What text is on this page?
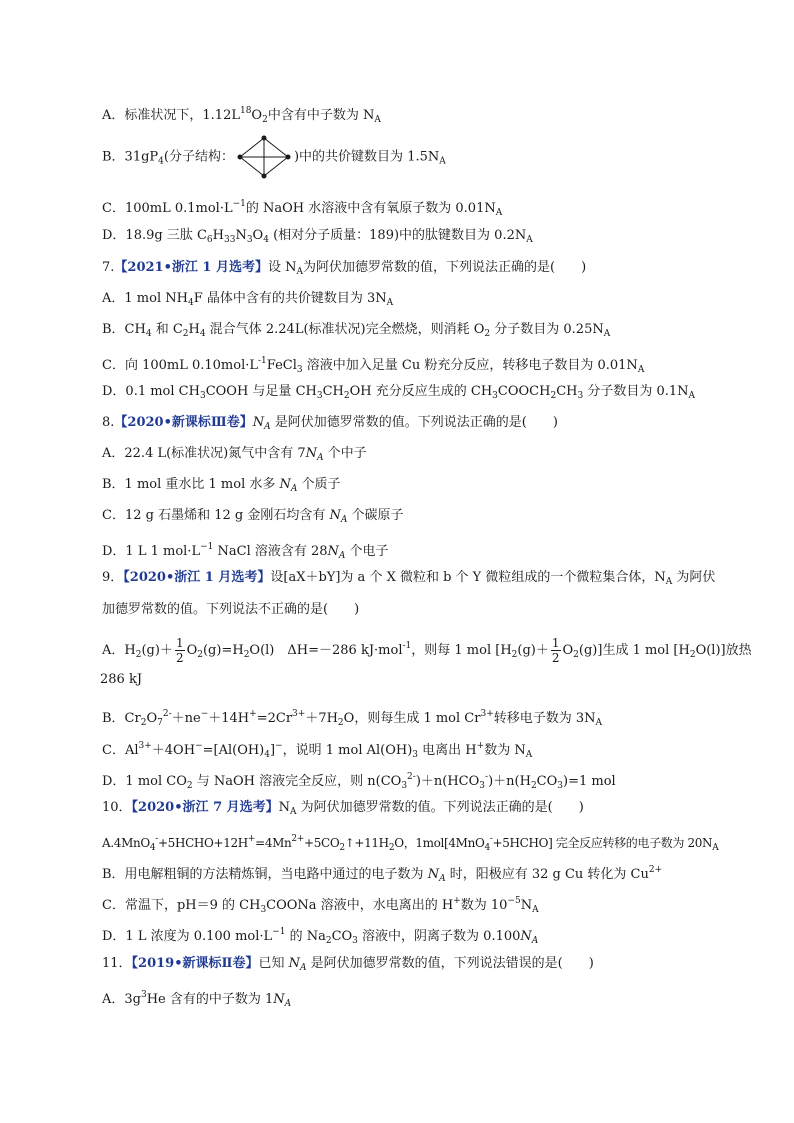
A．标准状况下，$1.12L^{18}O_2$中含有中子数为 $N_A$
B．$31gP_4$(分子结构：	)中的共价键数目为 $1.5N_A$
C．100mL $0.1mol\cdot L^{-1}$的 NaOH 水溶液中含有氧原子数为 $0.01N_A$
D．18.9g 三肽 $C_6H_{33}N_3O_4$ (相对分子质量：189)中的肽键数目为 $0.2N_A$
7.【2021•浙江 1 月选考】设 $N_A$为阿伏加德罗常数的值，下列说法正确的是(　　)
A．1 mol $NH_4F$ 晶体中含有的共价键数目为 $3N_A$
B．$CH_4$ 和 $C_2H_4$ 混合气体 2.24L(标准状况)完全燃烧，则消耗 $O_2$ 分子数目为 $0.25N_A$
C．向 100mL $0.10mol\cdot L^{-1}FeCl_3$ 溶液中加入足量 Cu 粉充分反应，转移电子数目为 $0.01N_A$
D．0.1 mol $CH_3COOH$ 与足量 $CH_3CH_2OH$ 充分反应生成的 $CH_3COOCH_2CH_3$ 分子数目为 $0.1N_A$
8.【2020•新课标Ⅲ卷】$N_A$ 是阿伏加德罗常数的值。下列说法正确的是(　　)
A．22.4 L(标准状况)氮气中含有 $7N_A$ 个中子
B．1 mol 重水比 1 mol 水多 $N_A$ 个质子
C．12 g 石墨烯和 12 g 金刚石均含有 $N_A$ 个碳原子
D．1 L 1 $mol\cdot L^{-1}$ NaCl 溶液含有 $28N_A$ 个电子
9．【2020•浙江 1 月选考】设[aX＋bY]为 a 个 X 微粒和 b 个 Y 微粒组成的一个微粒集合体，$N_A$ 为阿伏
加德罗常数的值。下列说法不正确的是(　　)
A．$H_2(g)+ \frac{1}{2} O_2(g)=H_2O(l)$　ΔH=－286 kJ·mol$^{-1}$，则每 1 mol $[H_2(g)+ \frac{1}{2} O_2(g)]$生成 1 mol $[H_2O(l)]$放热
286 kJ
B．$Cr_2O_7^{2-}+ne^-+14H^+=2Cr^{3+}+7H_2O$，则每生成 1 mol $Cr^{3+}$转移电子数为 $3N_A$
C．$Al^{3+}+4OH^-=[Al(OH)_4]^-$，说明 1 mol $Al(OH)_3$ 电离出 H+数为 $N_A$
D．1 mol $CO_2$ 与 NaOH 溶液完全反应，则 $n(CO_3^{2-})+n(HCO_3^-)+n(H_2CO_3)=1$ mol
10．【2020•浙江 7 月选考】$N_A$ 为阿伏加德罗常数的值。下列说法正确的是(　　)
$A.4MnO_4^-+5HCHO+12H^+=4Mn^{2+}+5CO_2↑+11H_2O$，1mol[4MnO$_4$-+5HCHO] 完全反应转移的电子数为 $20N_A$
B．用电解粗铜的方法精炼铜，当电路中通过的电子数为 $N_A$ 时，阳极应有 32 g Cu 转化为 $Cu^{2+}$
C．常温下，pH＝9 的 $CH_3COONa$ 溶液中，水电离出的 H+数为 $10^{-5}N_A$
D．1 L 浓度为 0.100 $mol\cdot L^{-1}$ 的 $Na_2CO_3$ 溶液中，阴离子数为 $0.100N_A$
11．【2019•新课标Ⅱ卷】已知 $N_A$ 是阿伏加德罗常数的值，下列说法错误的是(　　)
A．$3g^3He$ 含有的中子数为 $1N_A$
